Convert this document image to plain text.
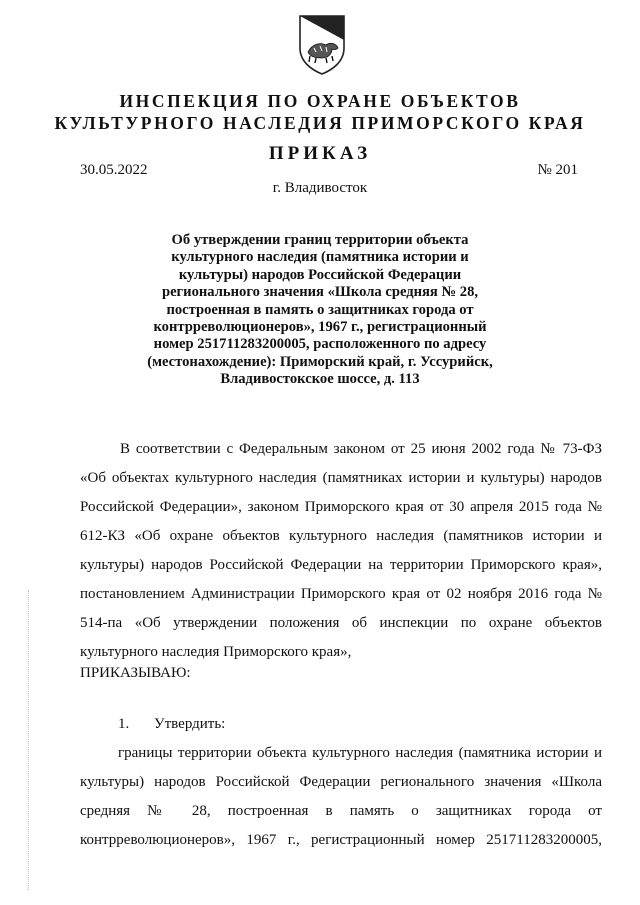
ИНСПЕКЦИЯ ПО ОХРАНЕ ОБЪЕКТОВ
КУЛЬТУРНОГО НАСЛЕДИЯ ПРИМОРСКОГО КРАЯ
ПРИКАЗ
30.05.2022	№ 201
г. Владивосток
Об утверждении границ территории объекта культурного наследия (памятника истории и культуры) народов Российской Федерации регионального значения «Школа средняя № 28, построенная в память о защитниках города от контрреволюционеров», 1967 г., регистрационный номер 251711283200005, расположенного по адресу (местонахождение): Приморский край, г. Уссурийск, Владивостокское шоссе, д. 113
В соответствии с Федеральным законом от 25 июня 2002 года № 73-ФЗ «Об объектах культурного наследия (памятниках истории и культуры) народов Российской Федерации», законом Приморского края от 30 апреля 2015 года № 612-КЗ «Об охране объектов культурного наследия (памятников истории и культуры) народов Российской Федерации на территории Приморского края», постановлением Администрации Приморского края от 02 ноября 2016 года № 514-па «Об утверждении положения об инспекции по охране объектов культурного наследия Приморского края»,
ПРИКАЗЫВАЮ:
1. Утвердить:
границы территории объекта культурного наследия (памятника истории и культуры) народов Российской Федерации регионального значения «Школа средняя № 28, построенная в память о защитниках города от контрреволюционеров», 1967 г., регистрационный номер 251711283200005,
